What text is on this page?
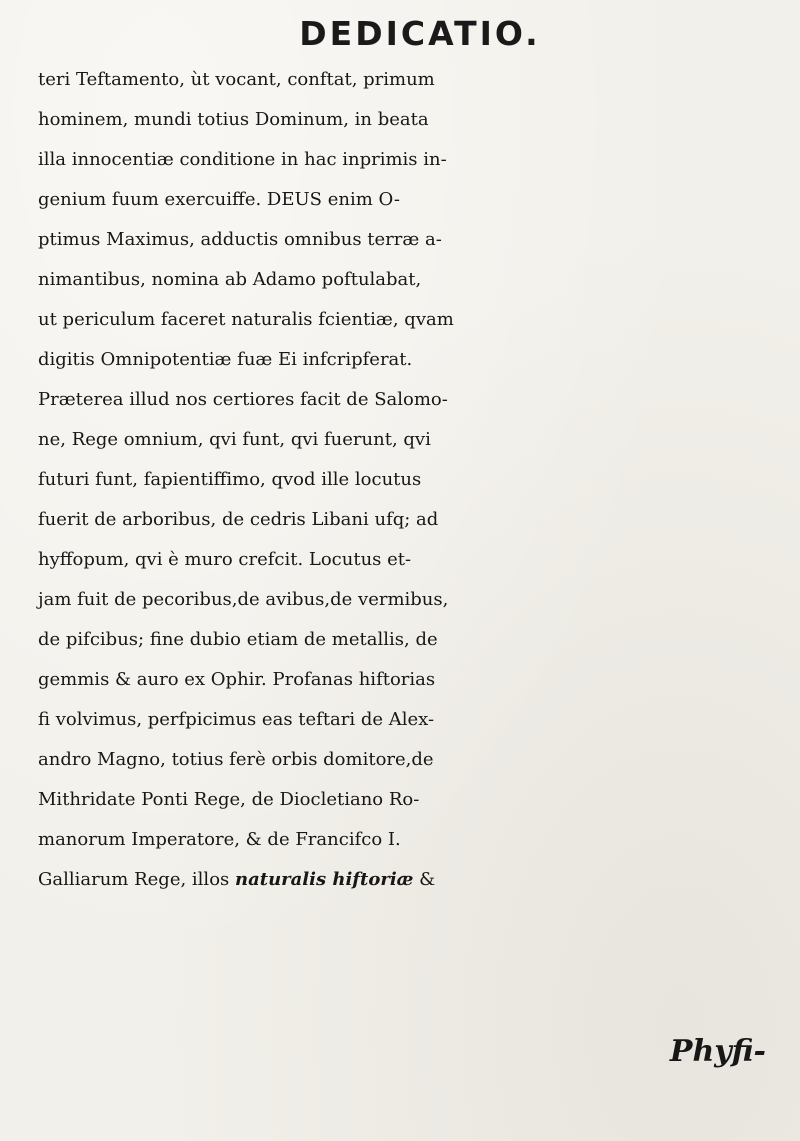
DEDICATIO.
teri Teftamento, ùt vocant, conftat, primum
hominem, mundi totius Dominum, in beata
illa innocentiæ conditione in hac inprimis in-
genium fuum exercuiffe. DEUS enim O-
ptimus Maximus, adductis omnibus terræ a-
nimantibus, nomina ab Adamo poftulabat,
ut periculum faceret naturalis fcientiæ, qvam
digitis Omnipotentiæ fuæ Ei infcripferat.
Præterea illud nos certiores facit de Salomo-
ne, Rege omnium, qvi funt, qvi fuerunt, qvi
futuri funt, fapientiffimo, qvod ille locutus
fuerit de arboribus, de cedris Libani ufq; ad
hyffopum, qvi è muro crefcit. Locutus et-
jam fuit de pecoribus,de avibus,de vermibus,
de pifcibus; fine dubio etiam de metallis, de
gemmis & auro ex Ophir. Profanas hiftorias
fi volvimus, perfpicimus eas teftari de Alex-
andro Magno, totius ferè orbis domitore,de
Mithridate Ponti Rege, de Diocletiano Ro-
manorum Imperatore, & de Francifco I.
Galliarum Rege, illos naturalis hiftoriæ &
Phyfi-
